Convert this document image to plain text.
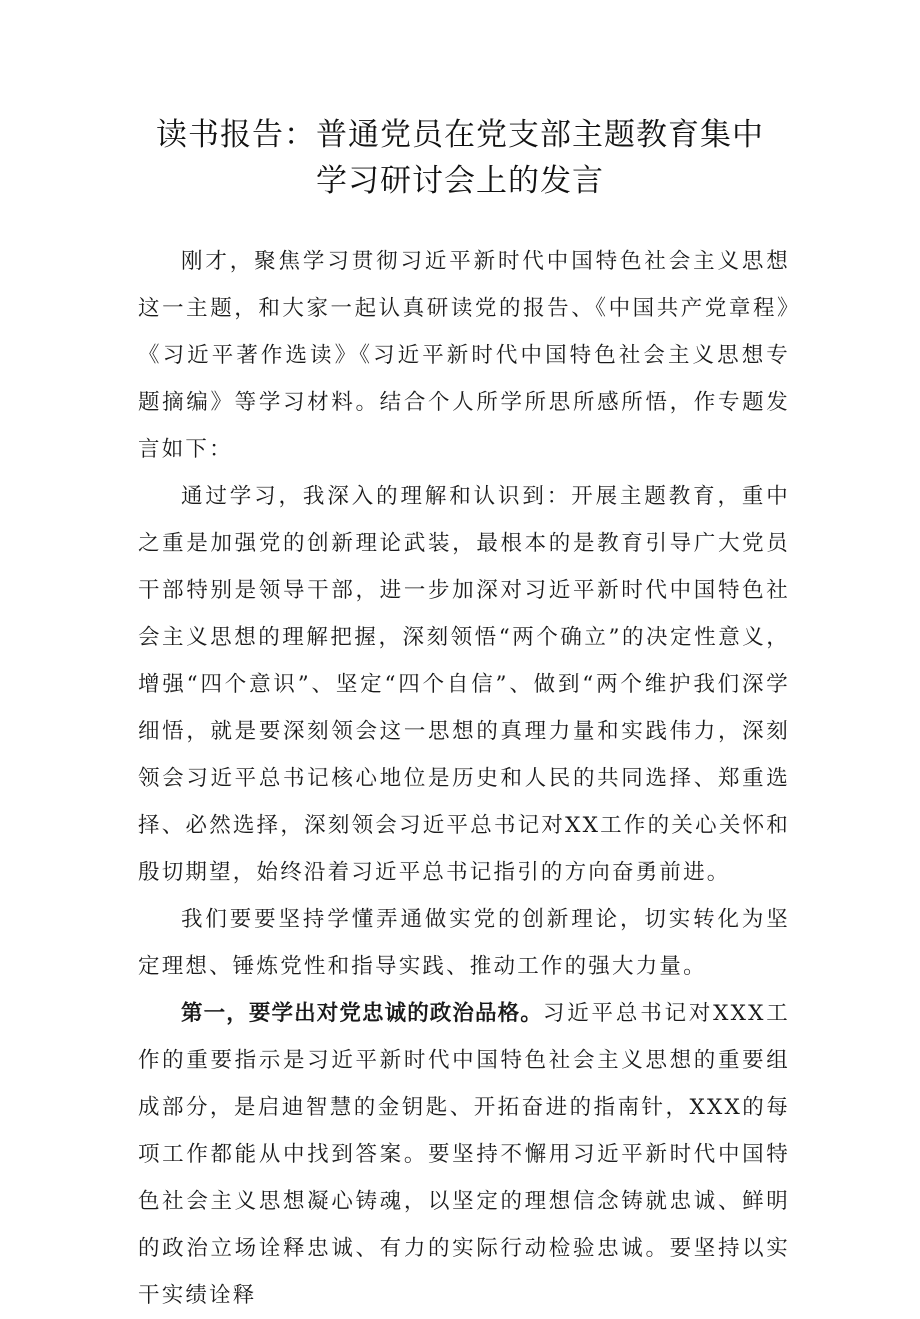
读书报告：普通党员在党支部主题教育集中
学习研讨会上的发言

刚才，聚焦学习贯彻习近平新时代中国特色社会主义思想这一主题，和大家一起认真研读党的报告、《中国共产党章程》《习近平著作选读》《习近平新时代中国特色社会主义思想专题摘编》等学习材料。结合个人所学所思所感所悟，作专题发言如下：

通过学习，我深入的理解和认识到：开展主题教育，重中之重是加强党的创新理论武装，最根本的是教育引导广大党员干部特别是领导干部，进一步加深对习近平新时代中国特色社会主义思想的理解把握，深刻领悟“两个确立”的决定性意义，增强“四个意识”、坚定“四个自信”、做到“两个维护我们深学细悟，就是要深刻领会这一思想的真理力量和实践伟力，深刻领会习近平总书记核心地位是历史和人民的共同选择、郑重选择、必然选择，深刻领会习近平总书记对XX工作的关心关怀和殷切期望，始终沿着习近平总书记指引的方向奋勇前进。

我们要要坚持学懂弄通做实党的创新理论，切实转化为坚定理想、锤炼党性和指导实践、推动工作的强大力量。

第一，要学出对党忠诚的政治品格。习近平总书记对XXX工作的重要指示是习近平新时代中国特色社会主义思想的重要组成部分，是启迪智慧的金钥匙、开拓奋进的指南针，XXX的每项工作都能从中找到答案。要坚持不懈用习近平新时代中国特色社会主义思想凝心铸魂，以坚定的理想信念铸就忠诚、鲜明的政治立场诠释忠诚、有力的实际行动检验忠诚。要坚持以实干实绩诠释
